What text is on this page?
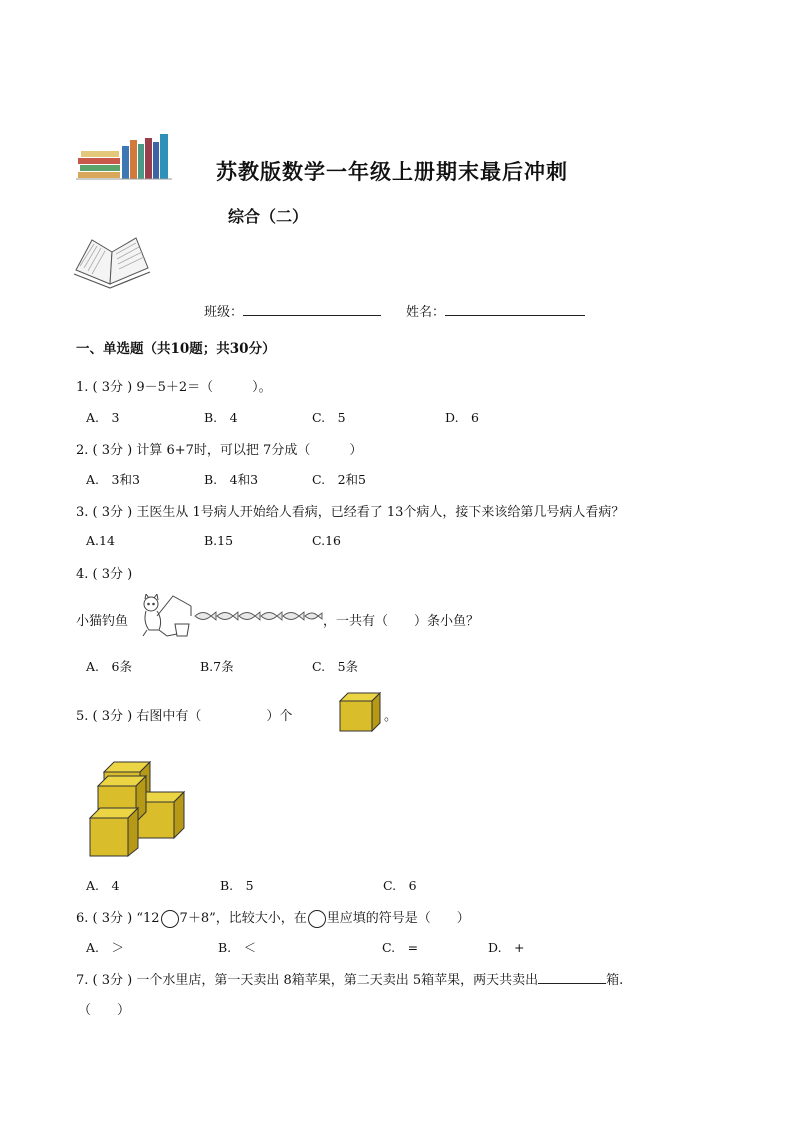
苏教版数学一年级上册期末最后冲刺
综合（二）
班级：	姓名：
一、单选题（共10题；共30分）
1. ( 3分 ) 9－5＋2＝（　　　）。
A.　3	B.　4	C.　5	D.　6
2. ( 3分 ) 计算 6+7时，可以把 7分成（　　　）
A.　3和3	B.　4和3	C.　2和5
3. ( 3分 ) 王医生从 1号病人开始给人看病，已经看了 13个病人，接下来该给第几号病人看病？
A.14	B.15	C.16
4. ( 3分 )
小猫钓鱼	，一共有（　　）条小鱼？
A.　6条	B.7条	C.　5条
5. ( 3分 ) 右图中有（　　　　　）个	。
A.　4	B.　5	C.　6
6. ( 3分 ) “12 7＋8”，比较大小，在 里应填的符号是（　　）
A.　＞	B.　＜	C.　=	D.　+
7. ( 3分 ) 一个水里店，第一天卖出 8箱苹果，第二天卖出 5箱苹果，两天共卖出	箱.
（　　）
